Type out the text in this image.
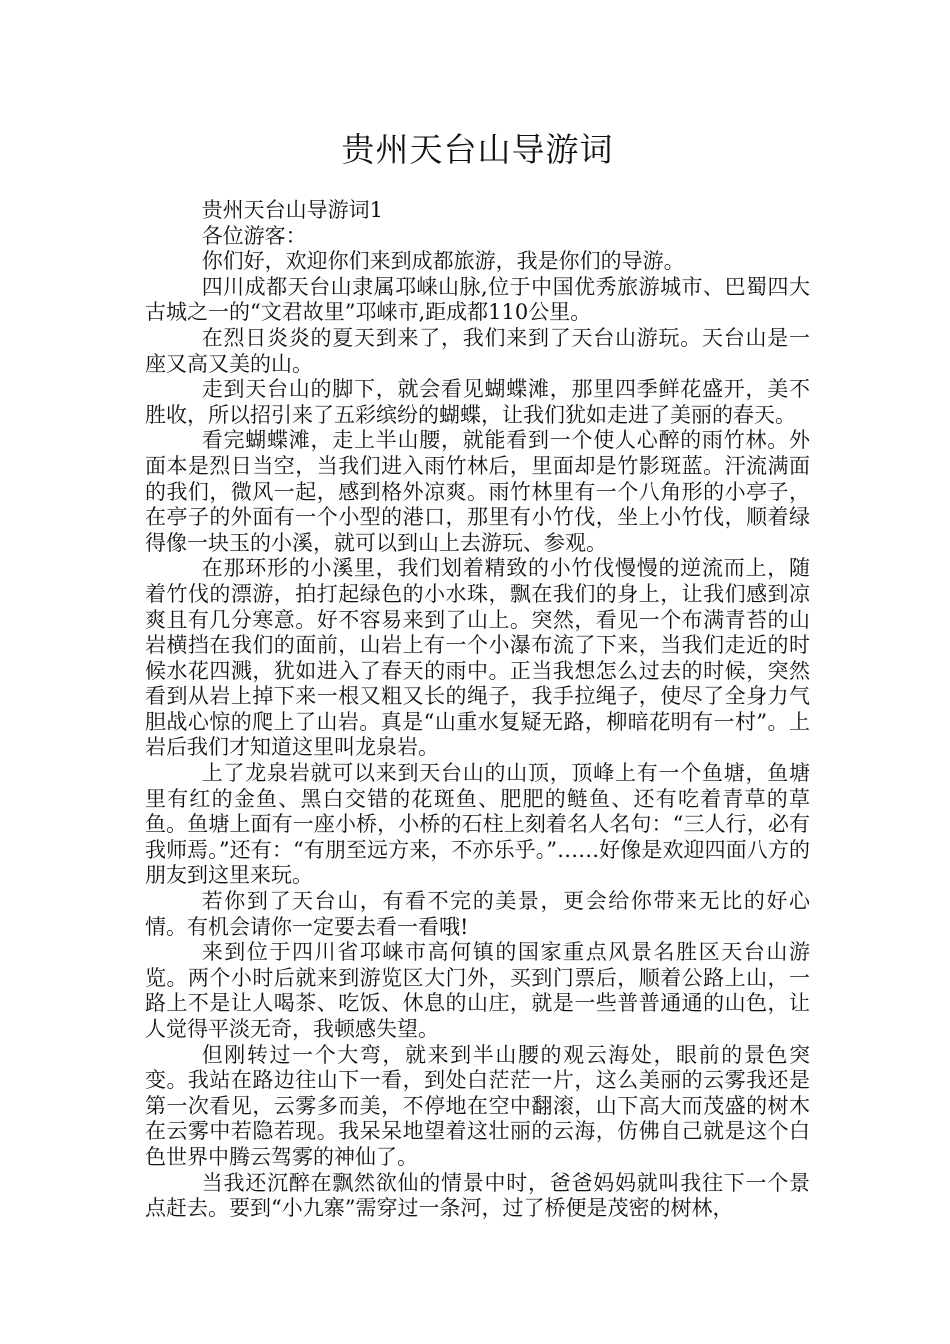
贵州天台山导游词

贵州天台山导游词1

各位游客：

你们好，欢迎你们来到成都旅游，我是你们的导游。

四川成都天台山隶属邛崃山脉,位于中国优秀旅游城市、巴蜀四大古城之一的“文君故里”邛崃市,距成都110公里。

在烈日炎炎的夏天到来了，我们来到了天台山游玩。天台山是一座又高又美的山。

走到天台山的脚下，就会看见蝴蝶滩，那里四季鲜花盛开，美不胜收，所以招引来了五彩缤纷的蝴蝶，让我们犹如走进了美丽的春天。

看完蝴蝶滩，走上半山腰，就能看到一个使人心醉的雨竹林。外面本是烈日当空，当我们进入雨竹林后，里面却是竹影斑蓝。汗流满面的我们，微风一起，感到格外凉爽。雨竹林里有一个八角形的小亭子，在亭子的外面有一个小型的港口，那里有小竹伐，坐上小竹伐，顺着绿得像一块玉的小溪，就可以到山上去游玩、参观。

在那环形的小溪里，我们划着精致的小竹伐慢慢的逆流而上，随着竹伐的漂游，拍打起绿色的小水珠，飘在我们的身上，让我们感到凉爽且有几分寒意。好不容易来到了山上。突然，看见一个布满青苔的山岩横挡在我们的面前，山岩上有一个小瀑布流了下来，当我们走近的时候水花四溅，犹如进入了春天的雨中。正当我想怎么过去的时候，突然看到从岩上掉下来一根又粗又长的绳子，我手拉绳子，使尽了全身力气胆战心惊的爬上了山岩。真是“山重水复疑无路，柳暗花明有一村”。上岩后我们才知道这里叫龙泉岩。

上了龙泉岩就可以来到天台山的山顶，顶峰上有一个鱼塘，鱼塘里有红的金鱼、黑白交错的花斑鱼、肥肥的鲢鱼、还有吃着青草的草鱼。鱼塘上面有一座小桥，小桥的石柱上刻着名人名句：“三人行，必有我师焉。”还有：“有朋至远方来，不亦乐乎。”……好像是欢迎四面八方的朋友到这里来玩。

若你到了天台山，有看不完的美景，更会给你带来无比的好心情。有机会请你一定要去看一看哦!

来到位于四川省邛崃市高何镇的国家重点风景名胜区天台山游览。两个小时后就来到游览区大门外，买到门票后，顺着公路上山，一路上不是让人喝茶、吃饭、休息的山庄，就是一些普普通通的山色，让人觉得平淡无奇，我顿感失望。

但刚转过一个大弯，就来到半山腰的观云海处，眼前的景色突变。我站在路边往山下一看，到处白茫茫一片，这么美丽的云雾我还是第一次看见，云雾多而美，不停地在空中翻滚，山下高大而茂盛的树木在云雾中若隐若现。我呆呆地望着这壮丽的云海，仿佛自己就是这个白色世界中腾云驾雾的神仙了。

当我还沉醉在飘然欲仙的情景中时，爸爸妈妈就叫我往下一个景点赶去。要到“小九寨”需穿过一条河，过了桥便是茂密的树林，
